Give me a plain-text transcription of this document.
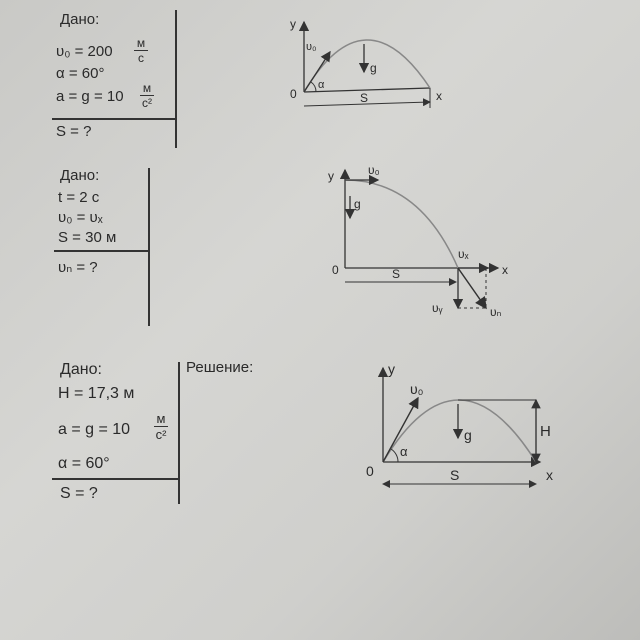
Дано:
υ₀ = 200 м
с
α = 60°
a = g = 10 м
с²
S = ?
y
x
0
υ₀
g
α
S
Дано:
t = 2 с
υ₀ = υₓ
S = 30 м
υₙ = ?
y
x
0
υ₀
g
υₓ
υᵧ	υₙ
S
Дано:
H = 17,3 м
a = g = 10
м
с²
α = 60°
S = ?
Решение:	y
x
0
H
υ₀
g
α
S
